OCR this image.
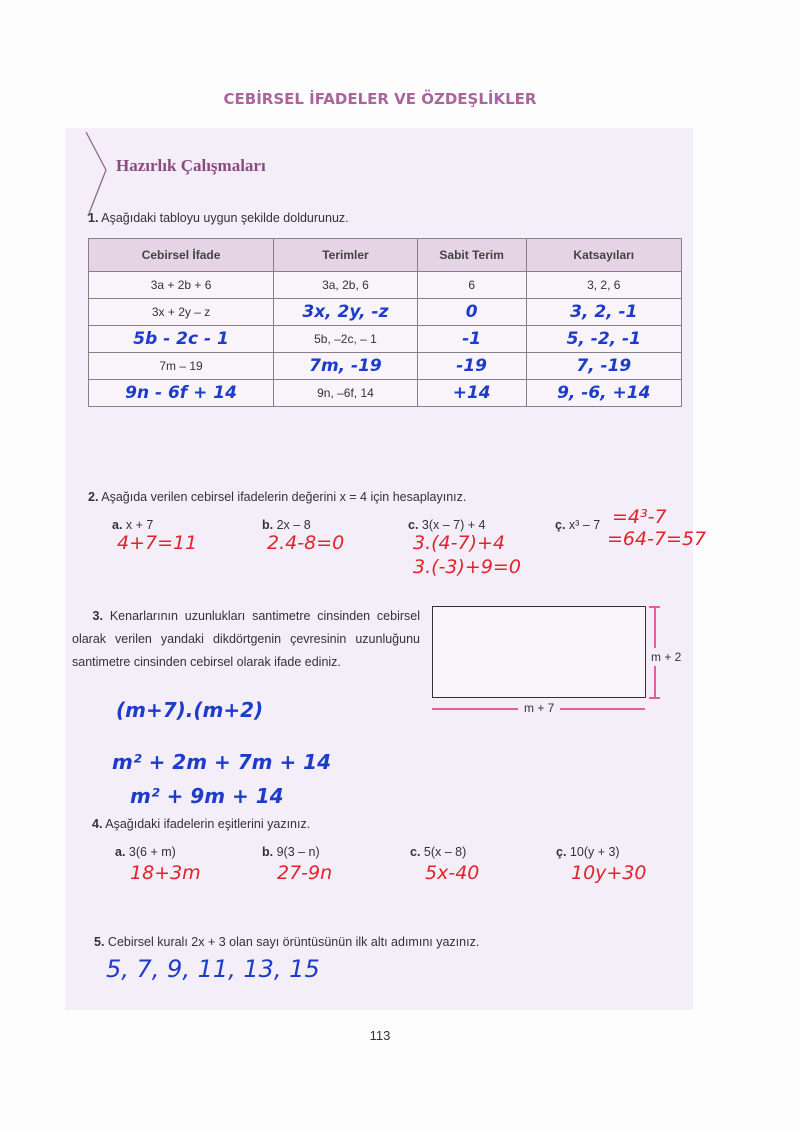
CEBİRSEL İFADELER VE ÖZDEŞLİKLER
Hazırlık Çalışmaları
1. Aşağıdaki tabloyu uygun şekilde doldurunuz.
Cebirsel İfade	Terimler	Sabit Terim	Katsayıları
3a + 2b + 6	3a, 2b, 6	6	3, 2, 6
3x + 2y – z	3x, 2y, -z	0	3, 2, -1
5b - 2c - 1	5b, –2c, – 1	-1	5, -2, -1
7m – 19	7m, -19	-19	7, -19
9n - 6f + 14	9n, –6f, 14	+14	9, -6, +14
2. Aşağıda verilen cebirsel ifadelerin değerini x = 4 için hesaplayınız.
a. x + 7
4+7=11
b. 2x – 8
2.4-8=0
c. 3(x – 7) + 4
3.(4-7)+4
3.(-3)+9=0
ç. x³ – 7 =4³-7
=64-7=57
3. Kenarlarının uzunlukları santimetre cinsinden cebirsel olarak verilen yandaki dikdörtgenin çevresinin uzunluğunu santimetre cinsinden cebirsel olarak ifade ediniz.	m + 2
m + 7
(m+7).(m+2)
m² + 2m + 7m + 14
m² + 9m + 14
4. Aşağıdaki ifadelerin eşitlerini yazınız.
a. 3(6 + m)
18+3m
b. 9(3 – n)
27-9n
c. 5(x – 8)
5x-40
ç. 10(y + 3)
10y+30
5. Cebirsel kuralı 2x + 3 olan sayı örüntüsünün ilk altı adımını yazınız.
5, 7, 9, 11, 13, 15
113
